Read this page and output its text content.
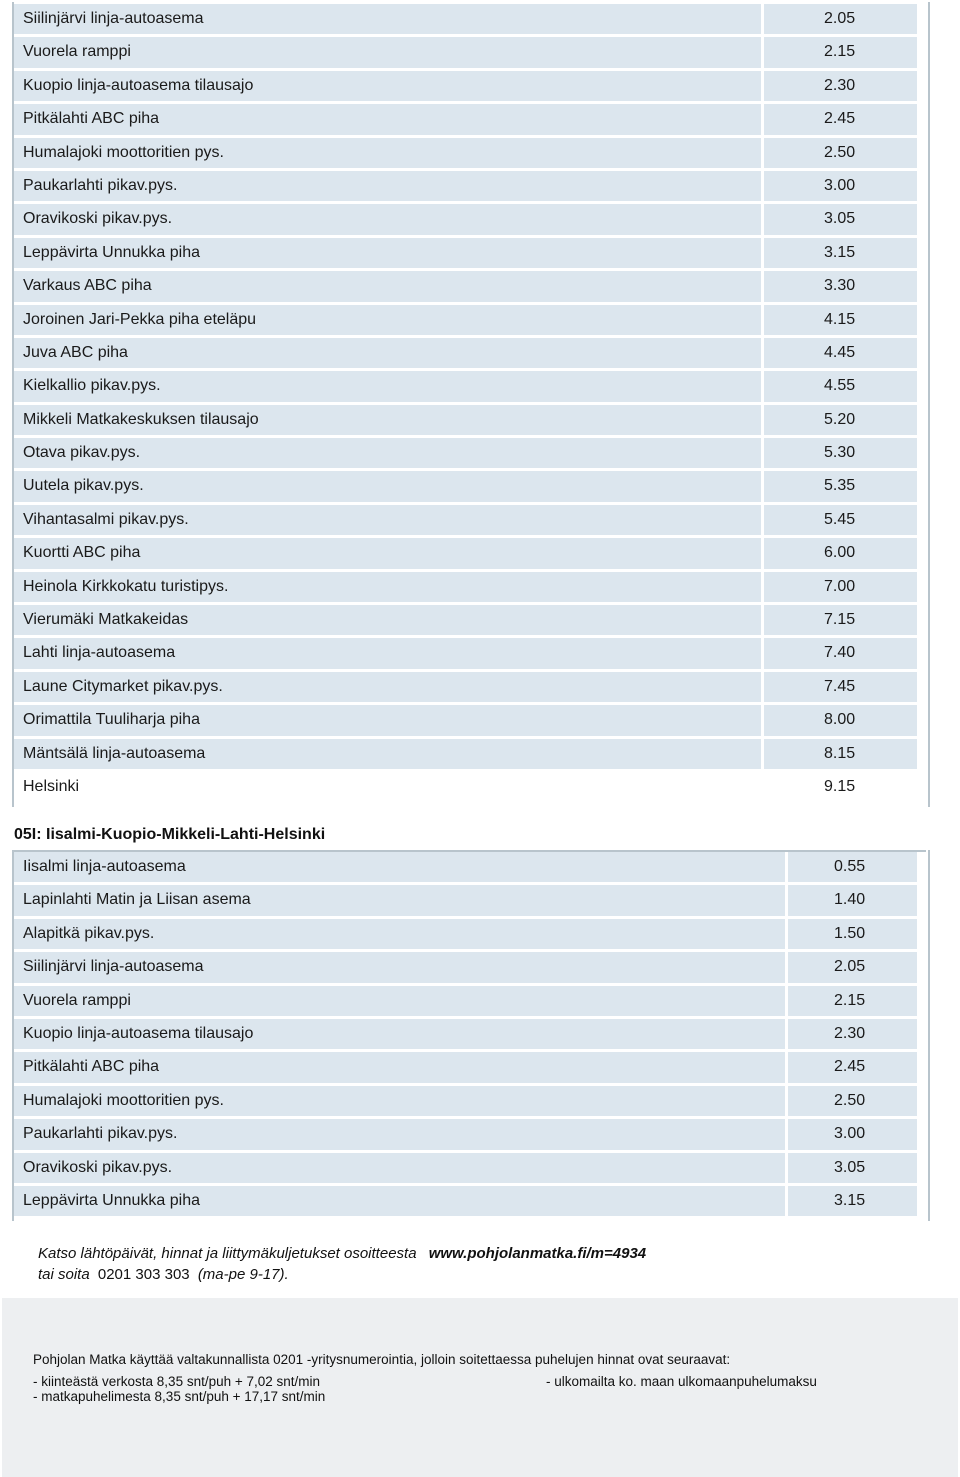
Siilinjärvi linja-autoasema	2.05
Vuorela ramppi	2.15
Kuopio linja-autoasema tilausajo	2.30
Pitkälahti ABC piha	2.45
Humalajoki moottoritien pys.	2.50
Paukarlahti pikav.pys.	3.00
Oravikoski pikav.pys.	3.05
Leppävirta Unnukka piha	3.15
Varkaus ABC piha	3.30
Joroinen Jari-Pekka piha eteläpu	4.15
Juva ABC piha	4.45
Kielkallio pikav.pys.	4.55
Mikkeli Matkakeskuksen tilausajo	5.20
Otava pikav.pys.	5.30
Uutela pikav.pys.	5.35
Vihantasalmi pikav.pys.	5.45
Kuortti ABC piha	6.00
Heinola Kirkkokatu turistipys.	7.00
Vierumäki Matkakeidas	7.15
Lahti linja-autoasema	7.40
Laune Citymarket pikav.pys.	7.45
Orimattila Tuuliharja piha	8.00
Mäntsälä linja-autoasema	8.15
Helsinki	9.15
05I: Iisalmi-Kuopio-Mikkeli-Lahti-Helsinki
Iisalmi linja-autoasema	0.55
Lapinlahti Matin ja Liisan asema	1.40
Alapitkä pikav.pys.	1.50
Siilinjärvi linja-autoasema	2.05
Vuorela ramppi	2.15
Kuopio linja-autoasema tilausajo	2.30
Pitkälahti ABC piha	2.45
Humalajoki moottoritien pys.	2.50
Paukarlahti pikav.pys.	3.00
Oravikoski pikav.pys.	3.05
Leppävirta Unnukka piha	3.15
Katso lähtöpäivät, hinnat ja liittymäkuljetukset osoitteesta www.pohjolanmatka.fi/m=4934
tai soita 0201 303 303 (ma-pe 9-17).
Pohjolan Matka käyttää valtakunnallista 0201 -yritysnumerointia, jolloin soitettaessa puhelujen hinnat ovat seuraavat:
- kiinteästä verkosta 8,35 snt/puh + 7,02 snt/min
- matkapuhelimesta 8,35 snt/puh + 17,17 snt/min
- ulkomailta ko. maan ulkomaanpuhelumaksu
